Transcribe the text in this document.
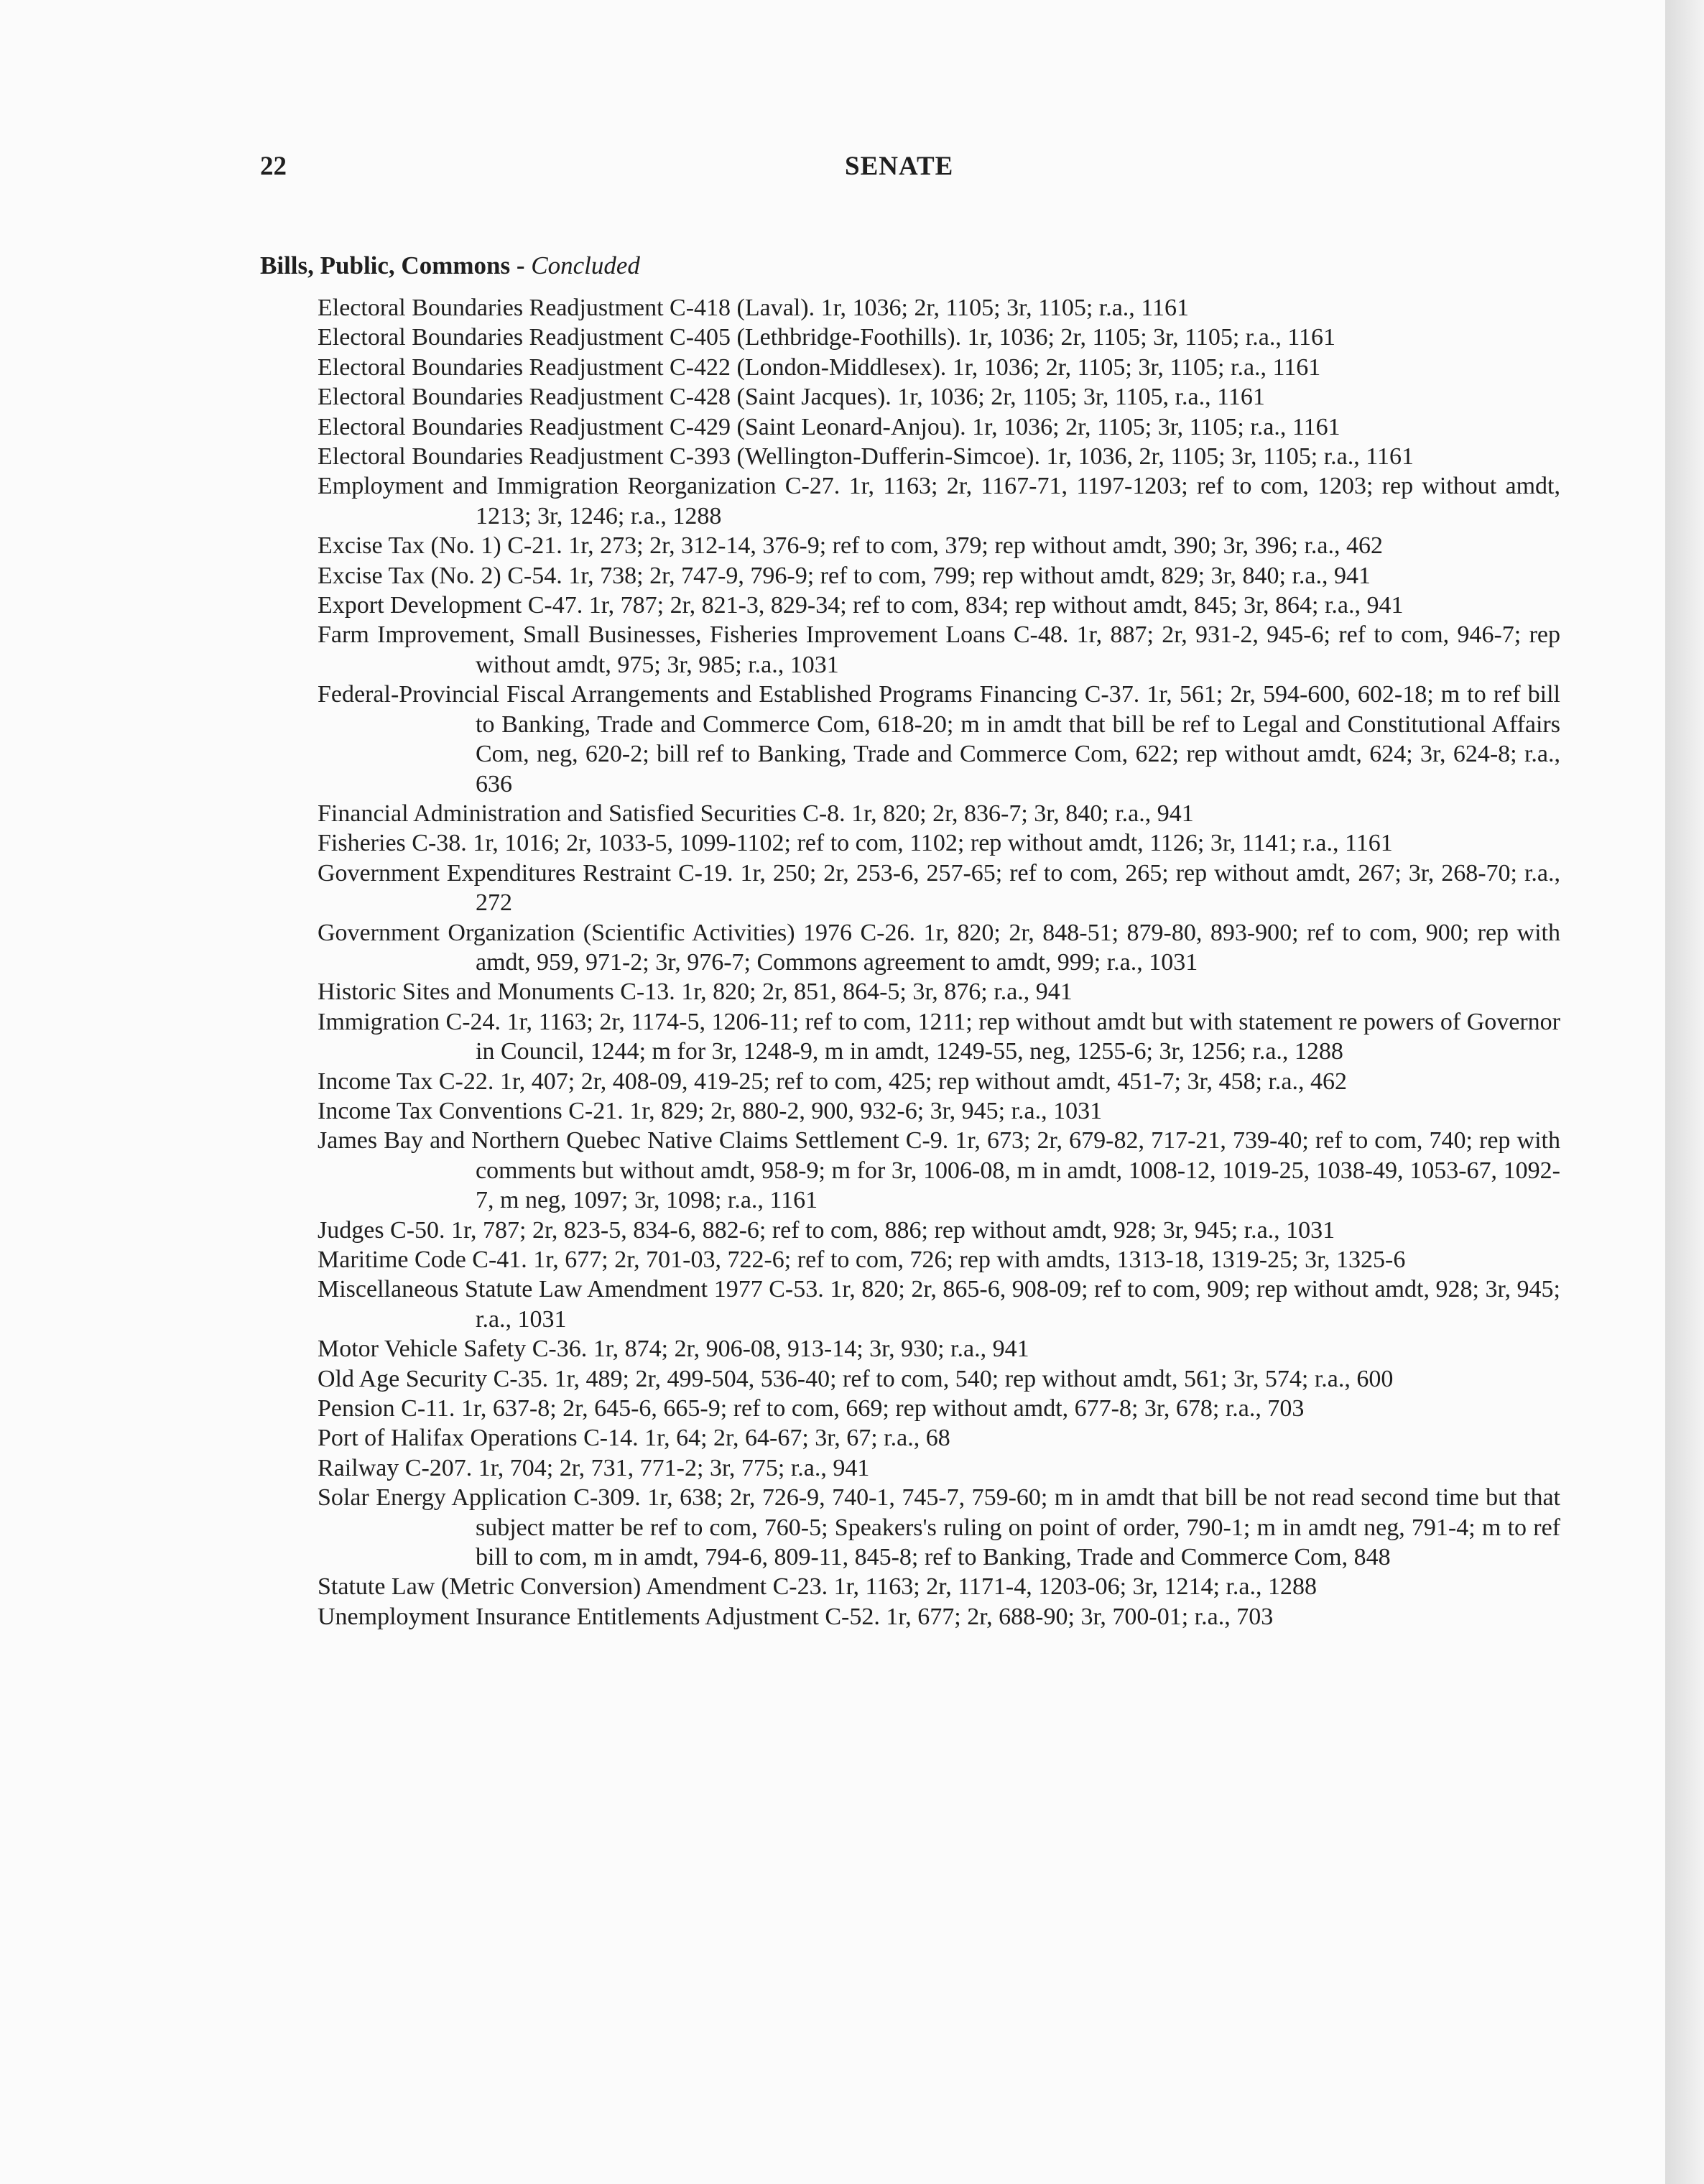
22	SENATE
Bills, Public, Commons - Concluded
Electoral Boundaries Readjustment C-418 (Laval). 1r, 1036; 2r, 1105; 3r, 1105; r.a., 1161
Electoral Boundaries Readjustment C-405 (Lethbridge-Foothills). 1r, 1036; 2r, 1105; 3r, 1105; r.a., 1161
Electoral Boundaries Readjustment C-422 (London-Middlesex). 1r, 1036; 2r, 1105; 3r, 1105; r.a., 1161
Electoral Boundaries Readjustment C-428 (Saint Jacques). 1r, 1036; 2r, 1105; 3r, 1105, r.a., 1161
Electoral Boundaries Readjustment C-429 (Saint Leonard-Anjou). 1r, 1036; 2r, 1105; 3r, 1105; r.a., 1161
Electoral Boundaries Readjustment C-393 (Wellington-Dufferin-Simcoe). 1r, 1036, 2r, 1105; 3r, 1105; r.a., 1161
Employment and Immigration Reorganization C-27. 1r, 1163; 2r, 1167-71, 1197-1203; ref to com, 1203; rep without amdt, 1213; 3r, 1246; r.a., 1288
Excise Tax (No. 1) C-21. 1r, 273; 2r, 312-14, 376-9; ref to com, 379; rep without amdt, 390; 3r, 396; r.a., 462
Excise Tax (No. 2) C-54. 1r, 738; 2r, 747-9, 796-9; ref to com, 799; rep without amdt, 829; 3r, 840; r.a., 941
Export Development C-47. 1r, 787; 2r, 821-3, 829-34; ref to com, 834; rep without amdt, 845; 3r, 864; r.a., 941
Farm Improvement, Small Businesses, Fisheries Improvement Loans C-48. 1r, 887; 2r, 931-2, 945-6; ref to com, 946-7; rep without amdt, 975; 3r, 985; r.a., 1031
Federal-Provincial Fiscal Arrangements and Established Programs Financing C-37. 1r, 561; 2r, 594-600, 602-18; m to ref bill to Banking, Trade and Commerce Com, 618-20; m in amdt that bill be ref to Legal and Constitutional Affairs Com, neg, 620-2; bill ref to Banking, Trade and Commerce Com, 622; rep without amdt, 624; 3r, 624-8; r.a., 636
Financial Administration and Satisfied Securities C-8. 1r, 820; 2r, 836-7; 3r, 840; r.a., 941
Fisheries C-38. 1r, 1016; 2r, 1033-5, 1099-1102; ref to com, 1102; rep without amdt, 1126; 3r, 1141; r.a., 1161
Government Expenditures Restraint C-19. 1r, 250; 2r, 253-6, 257-65; ref to com, 265; rep without amdt, 267; 3r, 268-70; r.a., 272
Government Organization (Scientific Activities) 1976 C-26. 1r, 820; 2r, 848-51; 879-80, 893-900; ref to com, 900; rep with amdt, 959, 971-2; 3r, 976-7; Commons agreement to amdt, 999; r.a., 1031
Historic Sites and Monuments C-13. 1r, 820; 2r, 851, 864-5; 3r, 876; r.a., 941
Immigration C-24. 1r, 1163; 2r, 1174-5, 1206-11; ref to com, 1211; rep without amdt but with statement re powers of Governor in Council, 1244; m for 3r, 1248-9, m in amdt, 1249-55, neg, 1255-6; 3r, 1256; r.a., 1288
Income Tax C-22. 1r, 407; 2r, 408-09, 419-25; ref to com, 425; rep without amdt, 451-7; 3r, 458; r.a., 462
Income Tax Conventions C-21. 1r, 829; 2r, 880-2, 900, 932-6; 3r, 945; r.a., 1031
James Bay and Northern Quebec Native Claims Settlement C-9. 1r, 673; 2r, 679-82, 717-21, 739-40; ref to com, 740; rep with comments but without amdt, 958-9; m for 3r, 1006-08, m in amdt, 1008-12, 1019-25, 1038-49, 1053-67, 1092-7, m neg, 1097; 3r, 1098; r.a., 1161
Judges C-50. 1r, 787; 2r, 823-5, 834-6, 882-6; ref to com, 886; rep without amdt, 928; 3r, 945; r.a., 1031
Maritime Code C-41. 1r, 677; 2r, 701-03, 722-6; ref to com, 726; rep with amdts, 1313-18, 1319-25; 3r, 1325-6
Miscellaneous Statute Law Amendment 1977 C-53. 1r, 820; 2r, 865-6, 908-09; ref to com, 909; rep without amdt, 928; 3r, 945; r.a., 1031
Motor Vehicle Safety C-36. 1r, 874; 2r, 906-08, 913-14; 3r, 930; r.a., 941
Old Age Security C-35. 1r, 489; 2r, 499-504, 536-40; ref to com, 540; rep without amdt, 561; 3r, 574; r.a., 600
Pension C-11. 1r, 637-8; 2r, 645-6, 665-9; ref to com, 669; rep without amdt, 677-8; 3r, 678; r.a., 703
Port of Halifax Operations C-14. 1r, 64; 2r, 64-67; 3r, 67; r.a., 68
Railway C-207. 1r, 704; 2r, 731, 771-2; 3r, 775; r.a., 941
Solar Energy Application C-309. 1r, 638; 2r, 726-9, 740-1, 745-7, 759-60; m in amdt that bill be not read second time but that subject matter be ref to com, 760-5; Speakers's ruling on point of order, 790-1; m in amdt neg, 791-4; m to ref bill to com, m in amdt, 794-6, 809-11, 845-8; ref to Banking, Trade and Commerce Com, 848
Statute Law (Metric Conversion) Amendment C-23. 1r, 1163; 2r, 1171-4, 1203-06; 3r, 1214; r.a., 1288
Unemployment Insurance Entitlements Adjustment C-52. 1r, 677; 2r, 688-90; 3r, 700-01; r.a., 703
